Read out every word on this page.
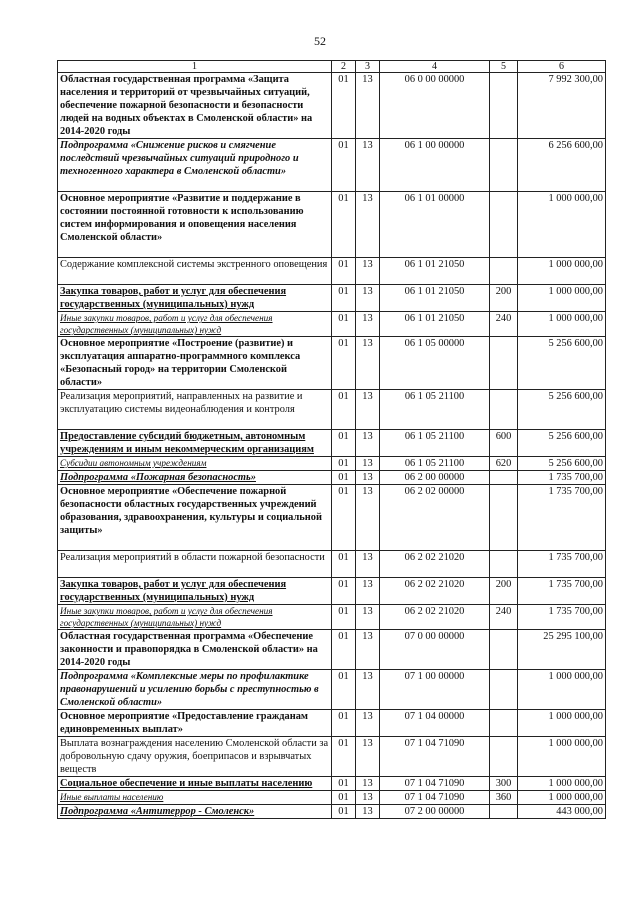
52
1	2	3	4	5	6
Областная государственная программа «Защита населения и территорий от чрезвычайных ситуаций, обеспечение пожарной безопасности и безопасности людей на водных объектах в Смоленской области» на 2014-2020 годы	01	13	06 0 00 00000		7 992 300,00
Подпрограмма «Снижение рисков и смягчение последствий чрезвычайных ситуаций природного и техногенного характера в Смоленской области»	01	13	06 1 00 00000		6 256 600,00
Основное мероприятие «Развитие и поддержание в состоянии постоянной готовности к использованию систем информирования и оповещения населения Смоленской области»	01	13	06 1 01 00000		1 000 000,00
Содержание комплексной системы экстренного оповещения	01	13	06 1 01 21050		1 000 000,00
Закупка товаров, работ и услуг для обеспечения государственных (муниципальных) нужд	01	13	06 1 01 21050	200	1 000 000,00
Иные закупки товаров, работ и услуг для обеспечения государственных (муниципальных) нужд	01	13	06 1 01 21050	240	1 000 000,00
Основное мероприятие «Построение (развитие) и эксплуатация аппаратно-программного комплекса «Безопасный город» на территории Смоленской области»	01	13	06 1 05 00000		5 256 600,00
Реализация мероприятий, направленных на развитие и эксплуатацию системы видеонаблюдения и контроля	01	13	06 1 05 21100		5 256 600,00
Предоставление субсидий бюджетным, автономным учреждениям и иным некоммерческим организациям	01	13	06 1 05 21100	600	5 256 600,00
Субсидии автономным учреждениям	01	13	06 1 05 21100	620	5 256 600,00
Подпрограмма «Пожарная безопасность»	01	13	06 2 00 00000		1 735 700,00
Основное мероприятие «Обеспечение пожарной безопасности областных государственных учреждений образования, здравоохранения, культуры и социальной защиты»	01	13	06 2 02 00000		1 735 700,00
Реализация мероприятий в области пожарной безопасности	01	13	06 2 02 21020		1 735 700,00
Закупка товаров, работ и услуг для обеспечения государственных (муниципальных) нужд	01	13	06 2 02 21020	200	1 735 700,00
Иные закупки товаров, работ и услуг для обеспечения государственных (муниципальных) нужд	01	13	06 2 02 21020	240	1 735 700,00
Областная государственная программа «Обеспечение законности и правопорядка в Смоленской области» на 2014-2020 годы	01	13	07 0 00 00000		25 295 100,00
Подпрограмма «Комплексные меры по профилактике правонарушений и усилению борьбы с преступностью в Смоленской области»	01	13	07 1 00 00000		1 000 000,00
Основное мероприятие «Предоставление гражданам единовременных выплат»	01	13	07 1 04 00000		1 000 000,00
Выплата вознаграждения населению Смоленской области за добровольную сдачу оружия, боеприпасов и взрывчатых веществ	01	13	07 1 04 71090		1 000 000,00
Социальное обеспечение и иные выплаты населению	01	13	07 1 04 71090	300	1 000 000,00
Иные выплаты населению	01	13	07 1 04 71090	360	1 000 000,00
Подпрограмма «Антитеррор - Смоленск»	01	13	07 2 00 00000		443 000,00
